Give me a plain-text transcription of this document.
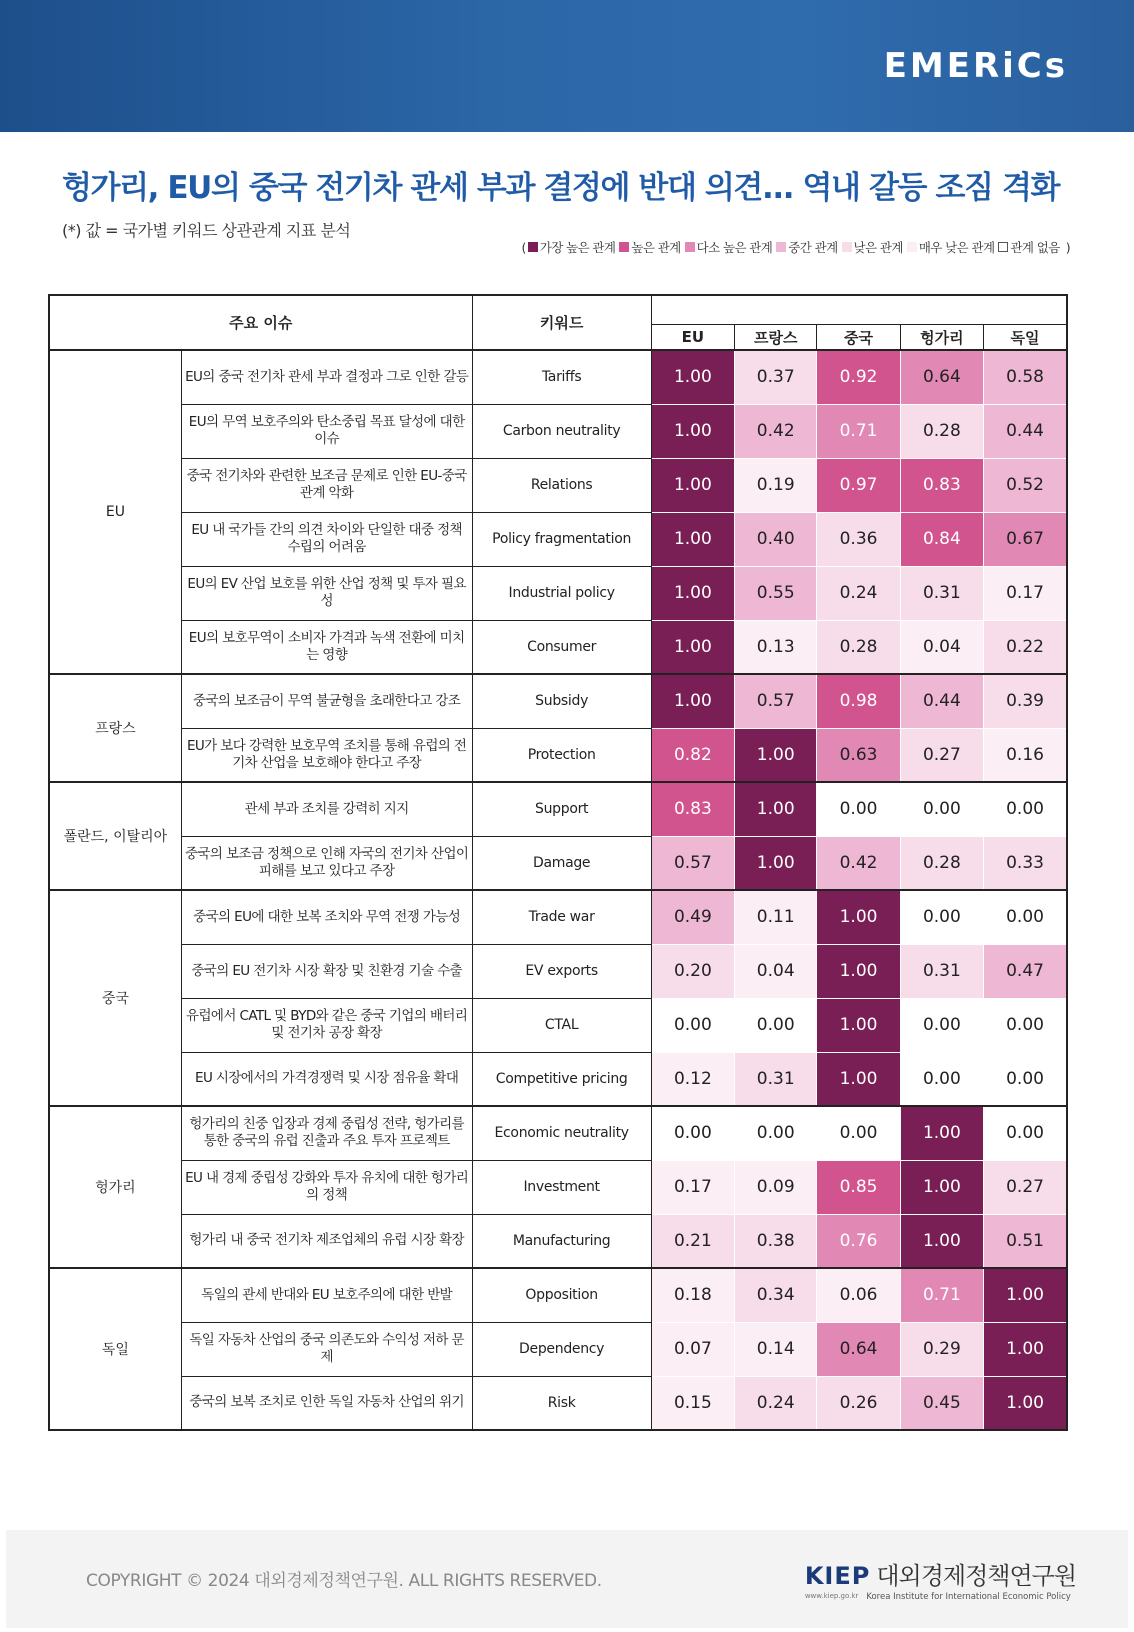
EMERiCs
헝가리, EU의 중국 전기차 관세 부과 결정에 반대 의견... 역내 갈등 조짐 격화
(*) 값 = 국가별 키워드 상관관계 지표 분석
( 가장 높은 관계 높은 관계 다소 높은 관계 중간 관계 낮은 관계 매우 낮은 관계 관계 없음 )
주요 이슈		키워드					
			EU	프랑스	중국	헝가리	독일
EU	EU의 중국 전기차 관세 부과 결정과 그로 인한 갈등	Tariffs	1.00	0.37	0.92	0.64	0.58
	EU의 무역 보호주의와 탄소중립 목표 달성에 대한 이슈	Carbon neutrality	1.00	0.42	0.71	0.28	0.44
	중국 전기차와 관련한 보조금 문제로 인한 EU-중국 관계 악화	Relations	1.00	0.19	0.97	0.83	0.52
	EU 내 국가들 간의 의견 차이와 단일한 대중 정책 수립의 어려움	Policy fragmentation	1.00	0.40	0.36	0.84	0.67
	EU의 EV 산업 보호를 위한 산업 정책 및 투자 필요성	Industrial policy	1.00	0.55	0.24	0.31	0.17
	EU의 보호무역이 소비자 가격과 녹색 전환에 미치는 영향	Consumer	1.00	0.13	0.28	0.04	0.22
프랑스	중국의 보조금이 무역 불균형을 초래한다고 강조	Subsidy	1.00	0.57	0.98	0.44	0.39
	EU가 보다 강력한 보호무역 조치를 통해 유럽의 전기차 산업을 보호해야 한다고 주장	Protection	0.82	1.00	0.63	0.27	0.16
폴란드, 이탈리아	관세 부과 조치를 강력히 지지	Support	0.83	1.00	0.00	0.00	0.00
	중국의 보조금 정책으로 인해 자국의 전기차 산업이 피해를 보고 있다고 주장	Damage	0.57	1.00	0.42	0.28	0.33
중국	중국의 EU에 대한 보복 조치와 무역 전쟁 가능성	Trade war	0.49	0.11	1.00	0.00	0.00
	중국의 EU 전기차 시장 확장 및 친환경 기술 수출	EV exports	0.20	0.04	1.00	0.31	0.47
	유럽에서 CATL 및 BYD와 같은 중국 기업의 배터리 및 전기차 공장 확장	CTAL	0.00	0.00	1.00	0.00	0.00
	EU 시장에서의 가격경쟁력 및 시장 점유율 확대	Competitive pricing	0.12	0.31	1.00	0.00	0.00
헝가리	헝가리의 친중 입장과 경제 중립성 전략, 헝가리를 통한 중국의 유럽 진출과 주요 투자 프로젝트	Economic neutrality	0.00	0.00	0.00	1.00	0.00
	EU 내 경제 중립성 강화와 투자 유치에 대한 헝가리의 정책	Investment	0.17	0.09	0.85	1.00	0.27
	헝가리 내 중국 전기차 제조업체의 유럽 시장 확장	Manufacturing	0.21	0.38	0.76	1.00	0.51
독일	독일의 관세 반대와 EU 보호주의에 대한 반발	Opposition	0.18	0.34	0.06	0.71	1.00
	독일 자동차 산업의 중국 의존도와 수익성 저하 문제	Dependency	0.07	0.14	0.64	0.29	1.00
	중국의 보복 조치로 인한 독일 자동차 산업의 위기	Risk	0.15	0.24	0.26	0.45	1.00
COPYRIGHT © 2024 대외경제정책연구원. ALL RIGHTS RESERVED.	KIEP 대외경제정책연구원
www.kiep.go.kr Korea Institute for International Economic Policy
